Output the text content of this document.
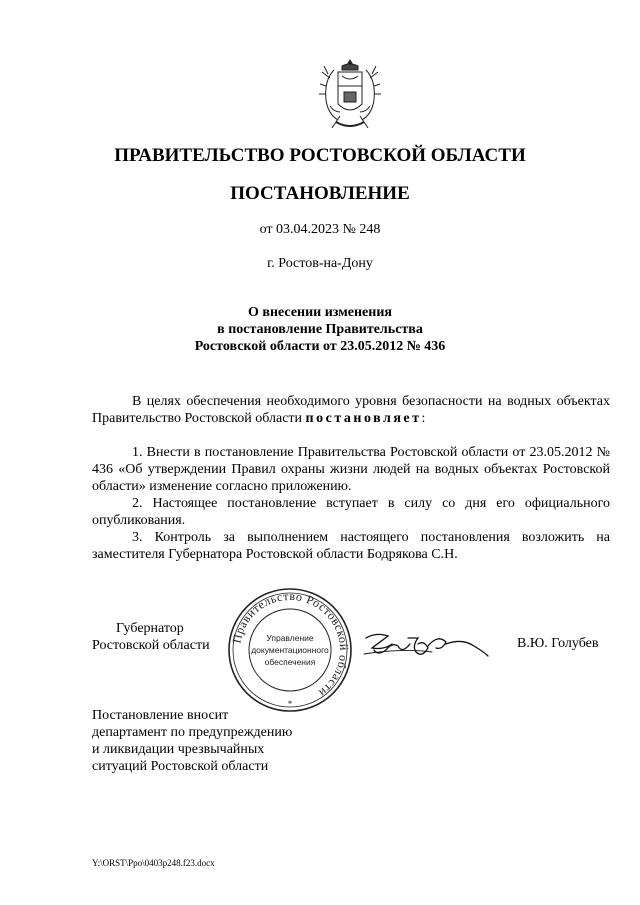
ПРАВИТЕЛЬСТВО РОСТОВСКОЙ ОБЛАСТИ
ПОСТАНОВЛЕНИЕ
от 03.04.2023 № 248
г. Ростов-на-Дону
О внесении изменения
в постановление Правительства
Ростовской области от 23.05.2012 № 436

В целях обеспечения необходимого уровня безопасности на водных объектах Правительство Ростовской области постановляет:

1. Внести в постановление Правительства Ростовской области от 23.05.2012 № 436 «Об утверждении Правил охраны жизни людей на водных объектах Ростовской области» изменение согласно приложению.

2. Настоящее постановление вступает в силу со дня его официального опубликования.

3. Контроль за выполнением настоящего постановления возложить на заместителя Губернатора Ростовской области Бодрякова С.Н.

Губернатор
Ростовской области Правительство Ростовской области
*
Управление
документационного
обеспечения
В.Ю. Голубев
Постановление вносит
департамент по предупреждению
и ликвидации чрезвычайных
ситуаций Ростовской области
Y:\ORST\Ppo\0403p248.f23.docx
